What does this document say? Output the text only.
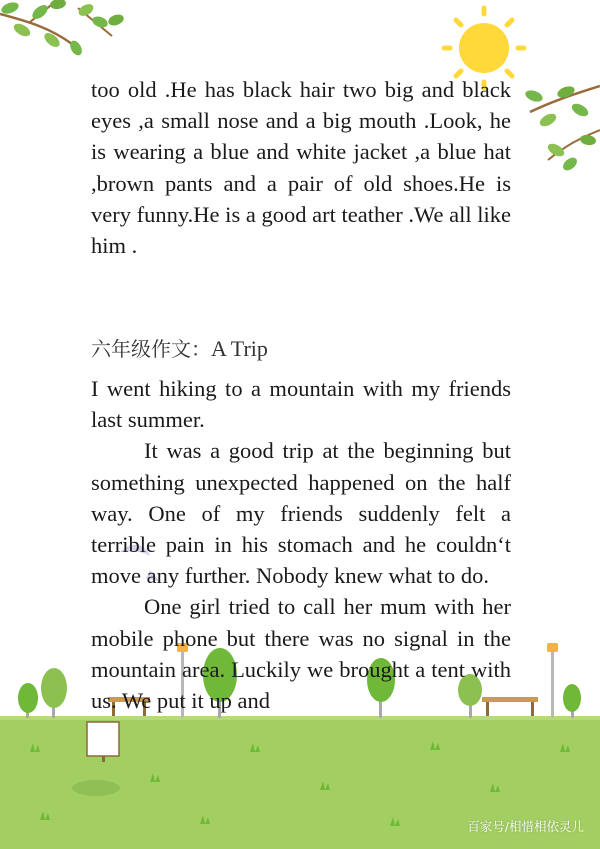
too old .He has black hair two big and black eyes ,a small nose and a big mouth .Look, he is wearing a blue and white jacket ,a blue hat ,brown pants and a pair of old shoes.He is very funny.He is a good art teather .We all like him .

六年级作文：A Trip

I went hiking to a mountain with my friends last summer.

It was a good trip at the beginning but something unexpected happened on the half way. One of my friends suddenly felt a terrible pain in his stomach and he couldn‘t move any further. Nobody knew what to do.

One girl tried to call her mum with her mobile phone but there was no signal in the mountain area. Luckily we brought a tent with us. We put it up and

百家号/相惜相依灵儿
